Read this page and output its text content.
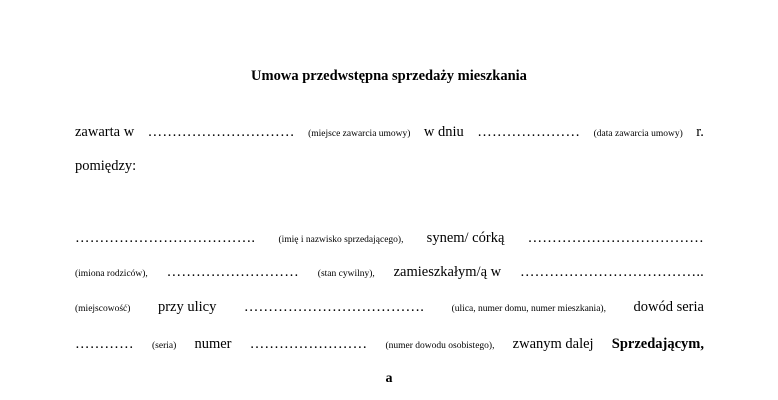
Umowa przedwstępna sprzedaży mieszkania
zawarta w ………………………… (miejsce zawarcia umowy) w dniu ………………… (data zawarcia umowy) r.
pomiędzy:
………………………………. (imię i nazwisko sprzedającego), synem/ córką ………………………………
(imiona rodziców), ……………………… (stan cywilny), zamieszkałym/ą w ………………………………..
(miejscowość) przy ulicy ……………………………….	(ulica, numer domu, numer mieszkania), dowód seria
………… (seria) numer …………………… (numer dowodu osobistego), zwanym dalej Sprzedającym,
a
